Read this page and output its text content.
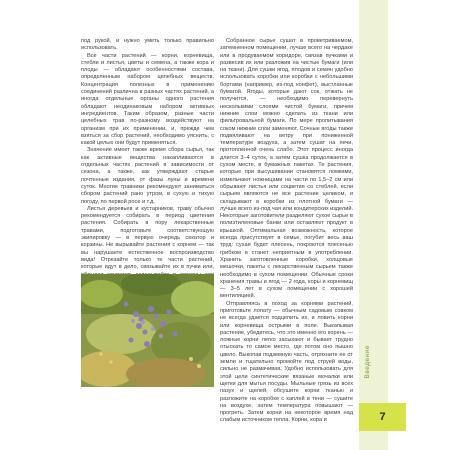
под рукой, и нужно уметь только правильно использовать.

Все части растений — корни, корневища, стебли и листья, цветы и семена, а также кора и плоды — обладают особенностями состава, определенным набором целебных веществ. Концентрация полезных в применению соединений различна в разных частях растений, а иногда отдельные органы одного растения обладают неодинаковым набором активных ингредиентов. Таким образом, разные части целебных трав по-разному воздействуют на организм при их применении, и, прежде чем взяться за сбор растений, необходимо уяснить, с какой целью они будут применяться.

Значение имеет также время сбора сырья, так как активные вещества накапливаются в отдельных частях растений в зависимости от сезона, а также, как утверждают старые почтенные издания, от фазы луны и времени суток. Многие травники рекомендуют заниматься сбором растений рано утром, в сухую и тихую погоду, по первой росе и т.д.

Листья деревьев и кустарников, траву обычно рекомендуется собирать в период цветения растения. Собирать в пору лекарственные травами, подготовьте соответствующую экипировку — в первую очередь секатор и корзины. Не вырывайте растения с корнем — так вы нарушаете естественное воспроизводство вида! Отрезайте только те части растений, которые идут в дело, связывайте их в пучки или,

Собранное сырье сушат в проветриваемом, затемненном помещении, лучше всего на чердаке или в продуваемом коридоре, связав пучками и развесив их или разложив на чистые бумаги (или на ткани). Для сушки ягод, плодов и семян удобно использовать коробки или коробки с небольшими бортами (например, из-под конфет), выстланные бумагой. Ягоды, которые дают сок, отжать не получится, — необходимо перевернуть несколькими слоями чистой бумаги, причем нижние слои можно сделать из ткани или фильтровальной бумаги. По мере пропитывания соком нижние слои заменяют. Сочные ягоды также подвяливают на ветру при пониженной температуре воздуха, а затем сушат на печи, протопленной очень слабо. Этот процесс иногда длится 3–4 суток, а затем сушка продолжается в сухом месте, в бумажных пакетах. Те растения, которые при высушивании становятся ломкими, измельчают ножницами на части по 1,5–2 см или обрывают листья или соцветия со стеблей, если сырьем являются не все растение целиком, и складывают в коробки из плотной бумаги — лучше всего из-под чая или кондитерских изделий. Некоторые заготовители разделяют сухое сырье в полиэтиленовые банки или оставляют продукт в крышкой. Оптимальная возможность, которое всегда присутствует в семье, погубит весь ваш труд: сухая будет плесень, покроются плесенью грибком в станет неприятным в употреблении. Хранить заготовленные коробки, холщовые мешочки, пакеты с лекарственным сырьем также необходимо в сухом помещении. Обычные сроки хранения травы и ягод — 2 года, коры и корневищ — 3–5 лет в сухом помещении с хорошей вентиляцией.

Отправляясь в поход за корнями растений, приготовьте лопату — обычным садовым совком не всегда удается подцепить их, и ловить корни или корневища острыми в поле. Выкапывая растение, убедитесь, что это именно его корень — ложные корни легко засыхают и бывает трудно отыскать то самое место, где потом оно пышно цвело. Выкопав подземную часть, отряхните ее от земли и тщательно промойте под струей воды, сильно не размачивая. Удобно использовать для этой цели синтетические вязаные мочалки или щетки для мытья посуды. Мыльные грязь из всех пазух и щелей, обсушите корни тканью и разложите на коробке с каплей в тени — сушите на воздухе, затем температура повышают — прогреть. Затем корни на некоторое время над слабым источником тепла. Корни, кора и

Введение
7
